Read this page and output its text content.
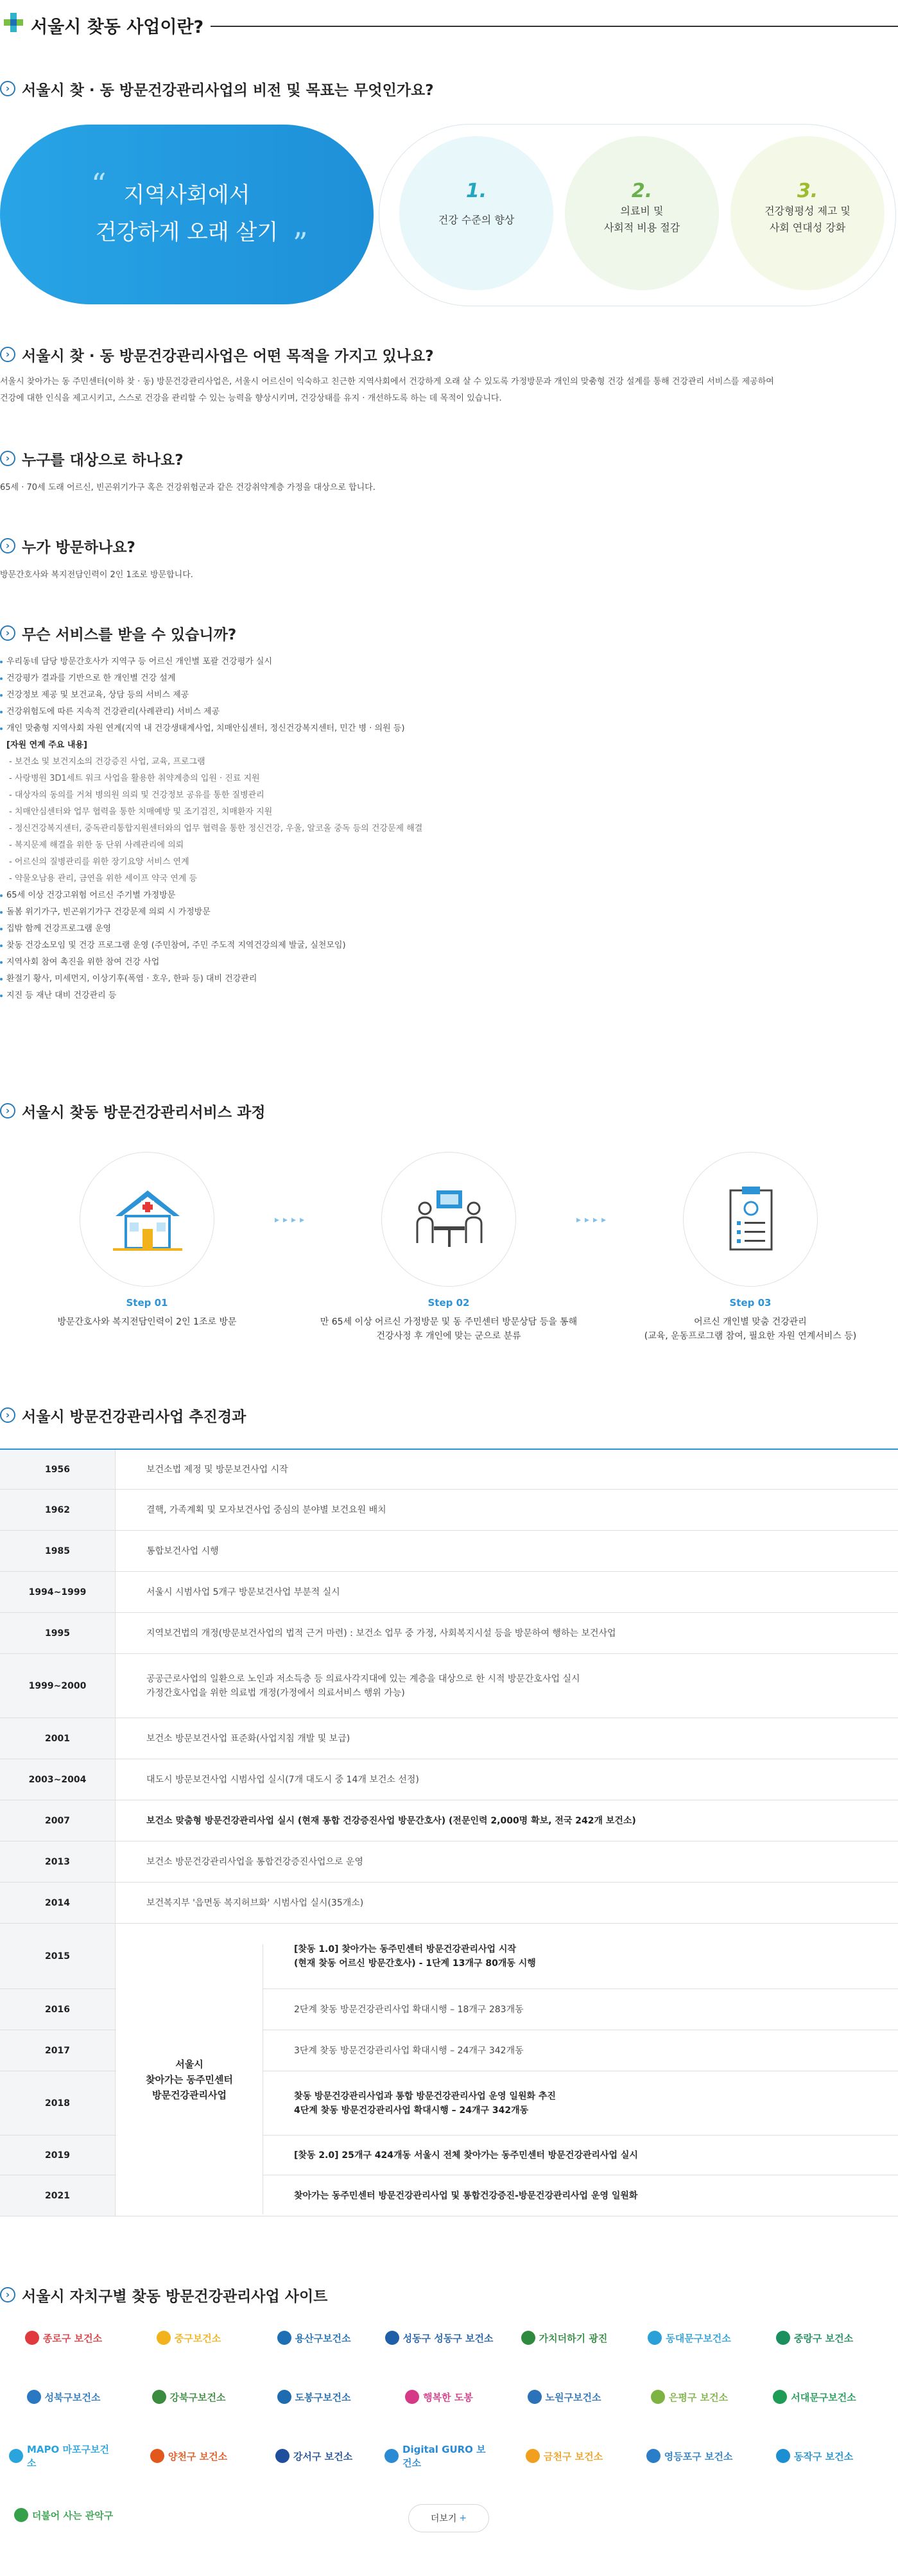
서울시 찾동 사업이란?
› 서울시 찾 · 동 방문건강관리사업의 비전 및 목표는 무엇인가요?
“
”
지역사회에서
건강하게 오래 살기
1.
건강 수준의 향상
2.
의료비 및
사회적 비용 절감
3.
건강형평성 제고 및
사회 연대성 강화
› 서울시 찾 · 동 방문건강관리사업은 어떤 목적을 가지고 있나요?
서울시 찾아가는 동 주민센터(이하 찾 · 동) 방문건강관리사업은, 서울시 어르신이 익숙하고 친근한 지역사회에서 건강하게 오래 살 수 있도록 가정방문과 개인의 맞춤형 건강 설계를 통해 건강관리 서비스를 제공하여
건강에 대한 인식을 제고시키고, 스스로 건강을 관리할 수 있는 능력을 향상시키며, 건강상태를 유지 · 개선하도록 하는 데 목적이 있습니다.
› 누구를 대상으로 하나요?
65세 · 70세 도래 어르신, 빈곤위기가구 혹은 건강위험군과 같은 건강취약계층 가정을 대상으로 합니다.
› 누가 방문하나요?
방문간호사와 복지전담인력이 2인 1조로 방문합니다.
› 무슨 서비스를 받을 수 있습니까?
우리동네 담당 방문간호사가 지역구 등 어르신 개인별 포괄 건강평가 실시
건강평가 결과를 기반으로 한 개인별 건강 설계
건강정보 제공 및 보건교육, 상담 등의 서비스 제공
건강위험도에 따른 지속적 건강관리(사례관리) 서비스 제공
개인 맞춤형 지역사회 자원 연계(지역 내 건강생태계사업, 치매안심센터, 정신건강복지센터, 민간 병 · 의원 등)
[자원 연계 주요 내용]
- 보건소 및 보건지소의 건강증진 사업, 교육, 프로그램
- 사랑병원 3D1세트 워크 사업을 활용한 취약계층의 입원 · 진료 지원
- 대상자의 동의를 거쳐 병의원 의뢰 및 건강정보 공유를 통한 질병관리
- 치매안심센터와 업무 협력을 통한 치매예방 및 조기검진, 치매환자 지원
- 정신건강복지센터, 중독관리통합지원센터와의 업무 협력을 통한 정신건강, 우울, 알코올 중독 등의 건강문제 해결
- 복지문제 해결을 위한 동 단위 사례관리에 의뢰
- 어르신의 질병관리를 위한 장기요양 서비스 연계
- 약물오남용 관리, 금연을 위한 세이프 약국 연계 등
65세 이상 건강고위험 어르신 주기별 가정방문
돌봄 위기가구, 빈곤위기가구 건강문제 의뢰 시 가정방문
집밖 함께 건강프로그램 운영
찾동 건강소모임 및 건강 프로그램 운영 (주민참여, 주민 주도적 지역건강의제 발굴, 실천모임)
지역사회 참여 촉진을 위한 참여 건강 사업
환절기 황사, 미세먼지, 이상기후(폭염 · 호우, 한파 등) 대비 건강관리
지진 등 재난 대비 건강관리 등
› 서울시 찾동 방문건강관리서비스 과정
▸▸▸▸	▸▸▸▸
Step 01
방문간호사와 복지전담인력이 2인 1조로 방문
Step 02
만 65세 이상 어르신 가정방문 및 동 주민센터 방문상담 등을 통해
건강사정 후 개인에 맞는 군으로 분류
Step 03
어르신 개인별 맞춤 건강관리
(교육, 운동프로그램 참여, 필요한 자원 연계서비스 등)
› 서울시 방문건강관리사업 추진경과
2021	찾아가는 동주민센터 방문건강관리사업 및 통합건강증진-방문건강관리사업 운영 일원화
2019	[찾동 2.0] 25개구 424개동 서울시 전체 찾아가는 동주민센터 방문건강관리사업 실시
2018
찾동 방문건강관리사업과 통합 방문건강관리사업 운영 일원화 추진
4단계 찾동 방문건강관리사업 확대시행 – 24개구 342개동
2017	3단계 찾동 방문건강관리사업 확대시행 – 24개구 342개동
2016	2단계 찾동 방문건강관리사업 확대시행 – 18개구 283개동
2015
[찾동 1.0] 찾아가는 동주민센터 방문건강관리사업 시작
(현재 찾동 어르신 방문간호사) - 1단계 13개구 80개동 시행
2014	보건복지부 '읍면동 복지허브화' 시범사업 실시(35개소)
2013	보건소 방문건강관리사업을 통합건강증진사업으로 운영
2007	보건소 맞춤형 방문건강관리사업 실시 (현재 통합 건강증진사업 방문간호사) (전문인력 2,000명 확보, 전국 242개 보건소)
2003~2004	대도시 방문보건사업 시범사업 실시(7개 대도시 중 14개 보건소 선정)
2001	보건소 방문보건사업 표준화(사업지침 개발 및 보급)
1999~2000
공공근로사업의 일환으로 노인과 저소득층 등 의료사각지대에 있는 계층을 대상으로 한 시적 방문간호사업 실시
가정간호사업을 위한 의료법 개정(가정에서 의료서비스 행위 가능)
1995	지역보건법의 개정(방문보건사업의 법적 근거 마련) : 보건소 업무 중 가정, 사회복지시설 등을 방문하여 행하는 보건사업
1994~1999	서울시 시범사업 5개구 방문보건사업 부분적 실시
1985	통합보건사업 시행
1962	결핵, 가족계획 및 모자보건사업 중심의 분야별 보건요원 배치
1956	보건소법 제정 및 방문보건사업 시작
서울시
찾아가는 동주민센터
방문건강관리사업
› 서울시 자치구별 찾동 방문건강관리사업 사이트
종로구 보건소	중구보건소	용산구보건소	성동구 성동구 보건소	가치더하기 광진	동대문구보건소	중랑구 보건소
성북구보건소	강북구보건소	도봉구보건소	행복한 도봉	노원구보건소	은평구 보건소	서대문구보건소
MAPO 마포구보건소
양천구 보건소	강서구 보건소
Digital GURO 보건소
금천구 보건소	영등포구 보건소	동작구 보건소
더불어 사는 관악구	더보기 +
